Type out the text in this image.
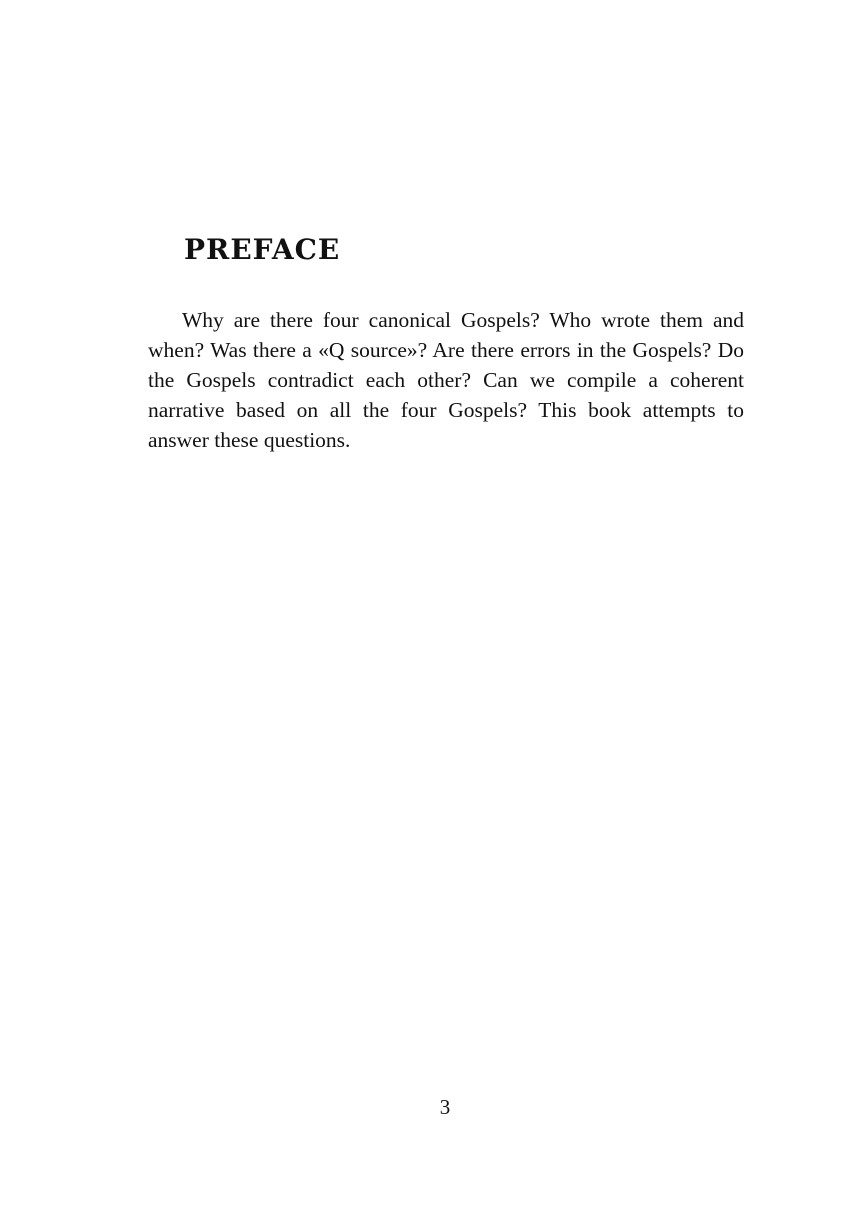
PREFACE

Why are there four canonical Gospels? Who wrote them and when? Was there a «Q source»? Are there errors in the Gospels? Do the Gospels contradict each other? Can we compile a coherent narrative based on all the four Gospels? This book attempts to answer these questions.

3
